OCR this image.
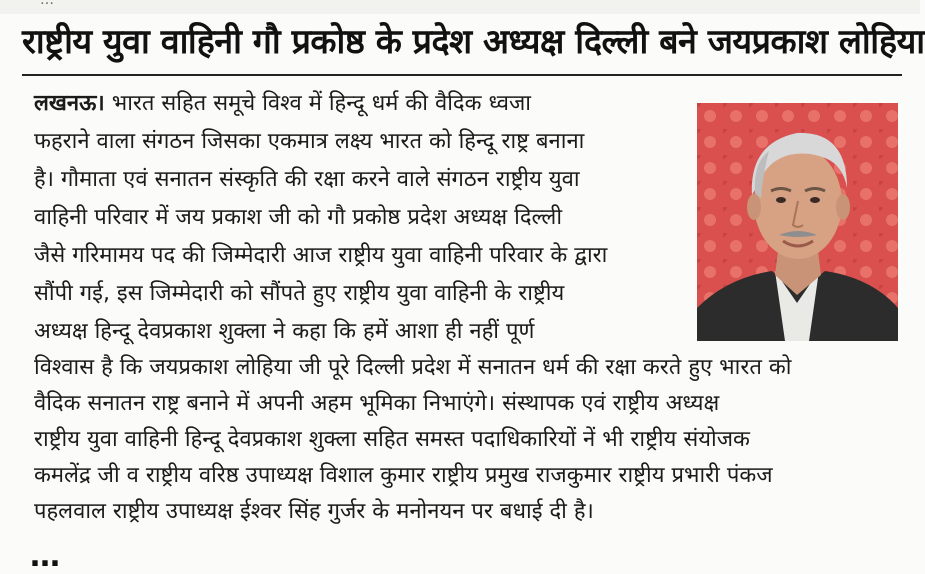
…
राष्ट्रीय युवा वाहिनी गौ प्रकोष्ठ के प्रदेश अध्यक्ष दिल्ली बने जयप्रकाश लोहिया
लखनऊ। भारत सहित समूचे विश्व में हिन्दू धर्म की वैदिक ध्वजा
फहराने वाला संगठन जिसका एकमात्र लक्ष्य भारत को हिन्दू राष्ट्र बनाना
है। गौमाता एवं सनातन संस्कृति की रक्षा करने वाले संगठन राष्ट्रीय युवा
वाहिनी परिवार में जय प्रकाश जी को गौ प्रकोष्ठ प्रदेश अध्यक्ष दिल्ली
जैसे गरिमामय पद की जिम्मेदारी आज राष्ट्रीय युवा वाहिनी परिवार के द्वारा
सौंपी गई, इस जिम्मेदारी को सौंपते हुए राष्ट्रीय युवा वाहिनी के राष्ट्रीय
अध्यक्ष हिन्दू देवप्रकाश शुक्ला ने कहा कि हमें आशा ही नहीं पूर्ण
विश्वास है कि जयप्रकाश लोहिया जी पूरे दिल्ली प्रदेश में सनातन धर्म की रक्षा करते हुए भारत को
वैदिक सनातन राष्ट्र बनाने में अपनी अहम भूमिका निभाएंगे। संस्थापक एवं राष्ट्रीय अध्यक्ष
राष्ट्रीय युवा वाहिनी हिन्दू देवप्रकाश शुक्ला सहित समस्त पदाधिकारियों नें भी राष्ट्रीय संयोजक
कमलेंद्र जी व राष्ट्रीय वरिष्ठ उपाध्यक्ष विशाल कुमार राष्ट्रीय प्रमुख राजकुमार राष्ट्रीय प्रभारी पंकज
पहलवाल राष्ट्रीय उपाध्यक्ष ईश्वर सिंह गुर्जर के मनोनयन पर बधाई दी है।
…
